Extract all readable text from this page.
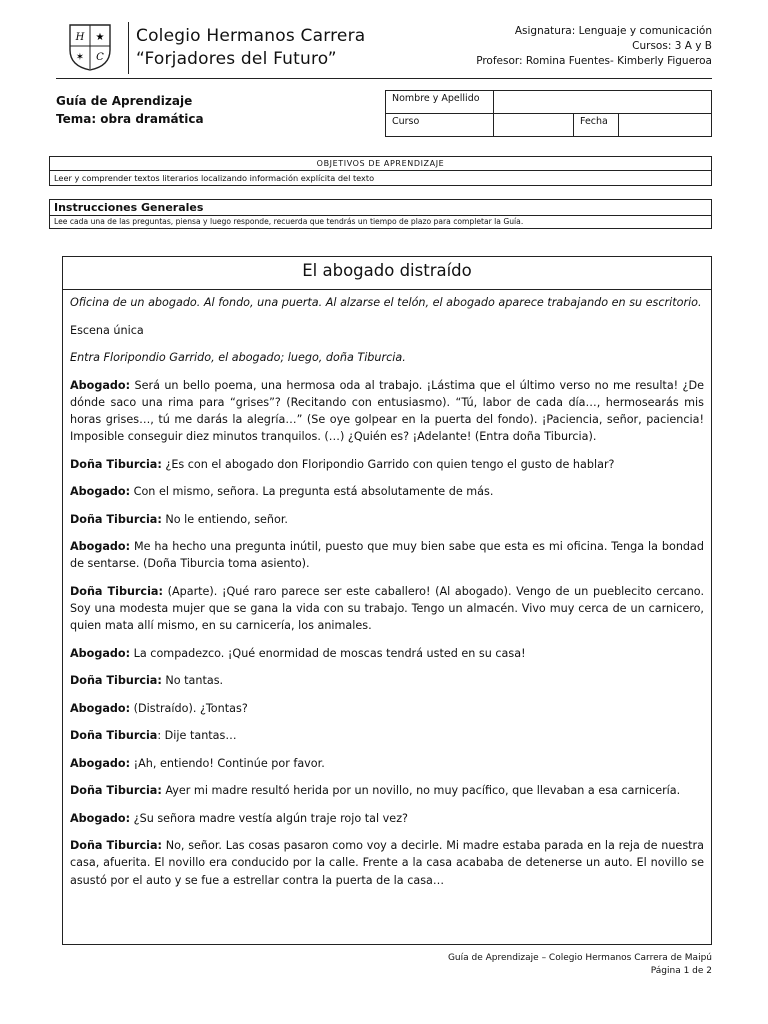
H ★
✶ C
Colegio Hermanos Carrera
“Forjadores del Futuro”
Asignatura: Lenguaje y comunicación
Cursos: 3 A y B
Profesor: Romina Fuentes- Kimberly Figueroa
Guía de Aprendizaje
Tema: obra dramática
Nombre y Apellido			
Curso		Fecha	
OBJETIVOS DE APRENDIZAJE
Leer y comprender textos literarios localizando información explícita del texto
Instrucciones Generales
Lee cada una de las preguntas, piensa y luego responde, recuerda que tendrás un tiempo de plazo para completar la Guía.
El abogado distraído

Oficina de un abogado. Al fondo, una puerta. Al alzarse el telón, el abogado aparece trabajando en su escritorio.

Escena única

Entra Floripondio Garrido, el abogado; luego, doña Tiburcia.

Abogado: Será un bello poema, una hermosa oda al trabajo. ¡Lástima que el último verso no me resulta! ¿De dónde saco una rima para “grises”? (Recitando con entusiasmo). “Tú, labor de cada día…, hermosearás mis horas grises…, tú me darás la alegría…” (Se oye golpear en la puerta del fondo). ¡Paciencia, señor, paciencia! Imposible conseguir diez minutos tranquilos. (…) ¿Quién es? ¡Adelante! (Entra doña Tiburcia).

Doña Tiburcia: ¿Es con el abogado don Floripondio Garrido con quien tengo el gusto de hablar?

Abogado: Con el mismo, señora. La pregunta está absolutamente de más.

Doña Tiburcia: No le entiendo, señor.

Abogado: Me ha hecho una pregunta inútil, puesto que muy bien sabe que esta es mi oficina. Tenga la bondad de sentarse. (Doña Tiburcia toma asiento).

Doña Tiburcia: (Aparte). ¡Qué raro parece ser este caballero! (Al abogado). Vengo de un pueblecito cercano. Soy una modesta mujer que se gana la vida con su trabajo. Tengo un almacén. Vivo muy cerca de un carnicero, quien mata allí mismo, en su carnicería, los animales.

Abogado: La compadezco. ¡Qué enormidad de moscas tendrá usted en su casa!

Doña Tiburcia: No tantas.

Abogado: (Distraído). ¿Tontas?

Doña Tiburcia: Dije tantas…

Abogado: ¡Ah, entiendo! Continúe por favor.

Doña Tiburcia: Ayer mi madre resultó herida por un novillo, no muy pacífico, que llevaban a esa carnicería.

Abogado: ¿Su señora madre vestía algún traje rojo tal vez?

Doña Tiburcia: No, señor. Las cosas pasaron como voy a decirle. Mi madre estaba parada en la reja de nuestra casa, afuerita. El novillo era conducido por la calle. Frente a la casa acababa de detenerse un auto. El novillo se asustó por el auto y se fue a estrellar contra la puerta de la casa…

Guía de Aprendizaje – Colegio Hermanos Carrera de Maipú
Página 1 de 2
